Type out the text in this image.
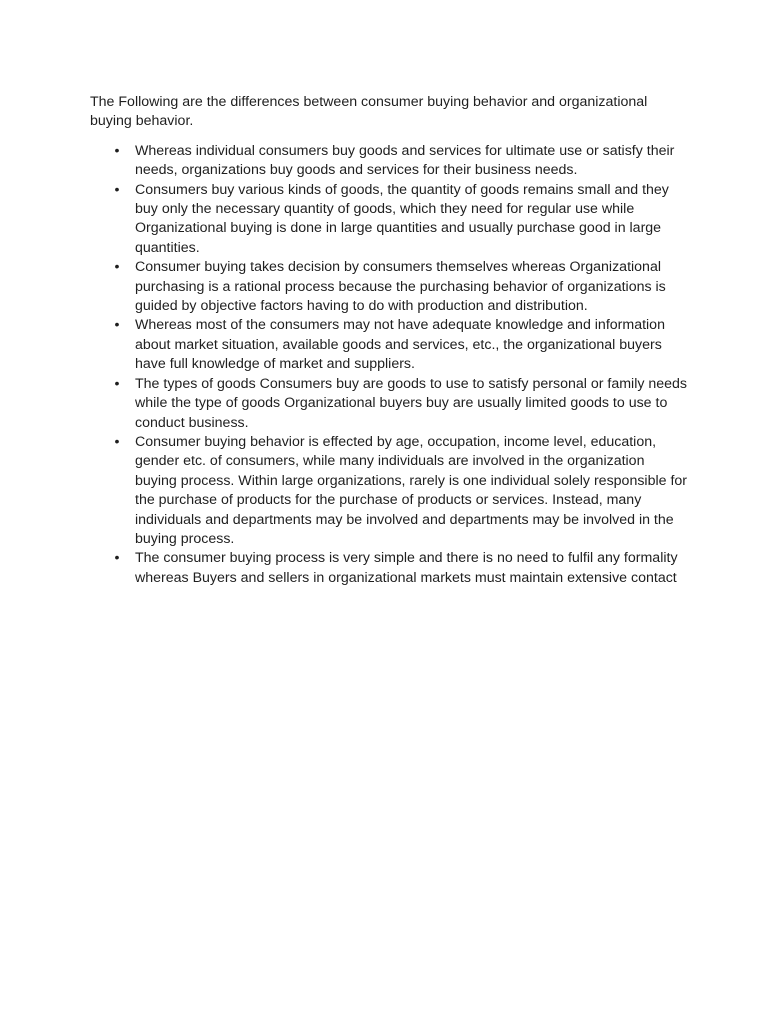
The Following are the differences between consumer buying behavior and organizational buying behavior.

• Whereas individual consumers buy goods and services for ultimate use or satisfy their needs, organizations buy goods and services for their business needs.
• Consumers buy various kinds of goods, the quantity of goods remains small and they buy only the necessary quantity of goods, which they need for regular use while Organizational buying is done in large quantities and usually purchase good in large quantities.
• Consumer buying takes decision by consumers themselves whereas Organizational purchasing is a rational process because the purchasing behavior of organizations is guided by objective factors having to do with production and distribution.
• Whereas most of the consumers may not have adequate knowledge and information about market situation, available goods and services, etc., the organizational buyers have full knowledge of market and suppliers.
• The types of goods Consumers buy are goods to use to satisfy personal or family needs while the type of goods Organizational buyers buy are usually limited goods to use to conduct business.
• Consumer buying behavior is effected by age, occupation, income level, education, gender etc. of consumers, while many individuals are involved in the organization buying process. Within large organizations, rarely is one individual solely responsible for the purchase of products for the purchase of products or services. Instead, many individuals and departments may be involved and departments may be involved in the buying process.
• The consumer buying process is very simple and there is no need to fulfil any formality whereas Buyers and sellers in organizational markets must maintain extensive contact
